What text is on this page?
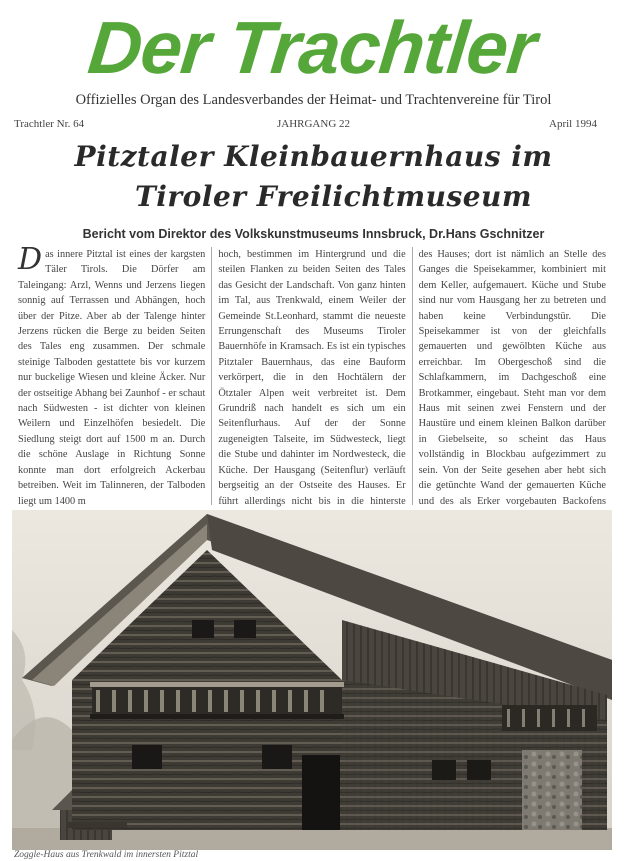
Der Trachtler
Offizielles Organ des Landesverbandes der Heimat- und Trachtenvereine für Tirol
Trachtler Nr. 64	JAHRGANG 22	April 1994
Pitztaler Kleinbauernhaus im
Tiroler Freilichtmuseum
Bericht vom Direktor des Volkskunstmuseums Innsbruck, Dr.Hans Gschnitzer
D as innere Pitztal ist eines der kargsten Täler Tirols. Die Dörfer am Taleingang: Arzl, Wenns und Jerzens liegen sonnig auf Terrassen und Abhängen, hoch über der Pitze. Aber ab der Talenge hinter Jerzens rücken die Berge zu beiden Seiten des Tales eng zusammen. Der schmale steinige Talboden gestattete bis vor kurzem nur buckelige Wiesen und kleine Äcker. Nur der ostseitige Abhang bei Zaunhof - er schaut nach Südwesten - ist dichter von kleinen Weilern und Einzelhöfen besiedelt. Die Siedlung steigt dort auf 1500 m an. Durch die schöne Auslage in Richtung Sonne konnte man dort erfolgreich Ackerbau betreiben. Weit im Talinneren, der Talboden liegt um 1400 m
hoch, bestimmen im Hintergrund und die steilen Flanken zu beiden Seiten des Tales das Gesicht der Landschaft. Von ganz hinten im Tal, aus Trenkwald, einem Weiler der Gemeinde St.Leonhard, stammt die neueste Errungenschaft des Museums Tiroler Bauernhöfe in Kramsach. Es ist ein typisches Pitztaler Bauernhaus, das eine Bauform verkörpert, die in den Hochtälern der Ötztaler Alpen weit verbreitet ist. Dem Grundriß nach handelt es sich um ein Seitenflurhaus. Auf der der Sonne zugeneigten Talseite, im Südwesteck, liegt die Stube und dahinter im Nordwesteck, die Küche. Der Hausgang (Seitenflur) verläuft bergseitig an der Ostseite des Hauses. Er führt allerdings nicht bis in die hinterste
des Hauses; dort ist nämlich an Stelle des Ganges die Speisekammer, kombiniert mit dem Keller, aufgemauert. Küche und Stube sind nur vom Hausgang her zu betreten und haben keine Verbindungstür. Die Speisekammer ist von der gleichfalls gemauerten und gewölbten Küche aus erreichbar. Im Obergeschoß sind die Schlafkammern, im Dachgeschoß eine Brotkammer, eingebaut. Steht man vor dem Haus mit seinen zwei Fenstern und der Haustüre und einem kleinen Balkon darüber in Giebelseite, so scheint das Haus vollständig in Blockbau aufgezimmert zu sein. Von der Seite gesehen aber hebt sich die getünchte Wand der gemauerten Küche und des als Erker vorgebauten Backofens
Zoggle-Haus aus Trenkwald im innersten Pitztal
